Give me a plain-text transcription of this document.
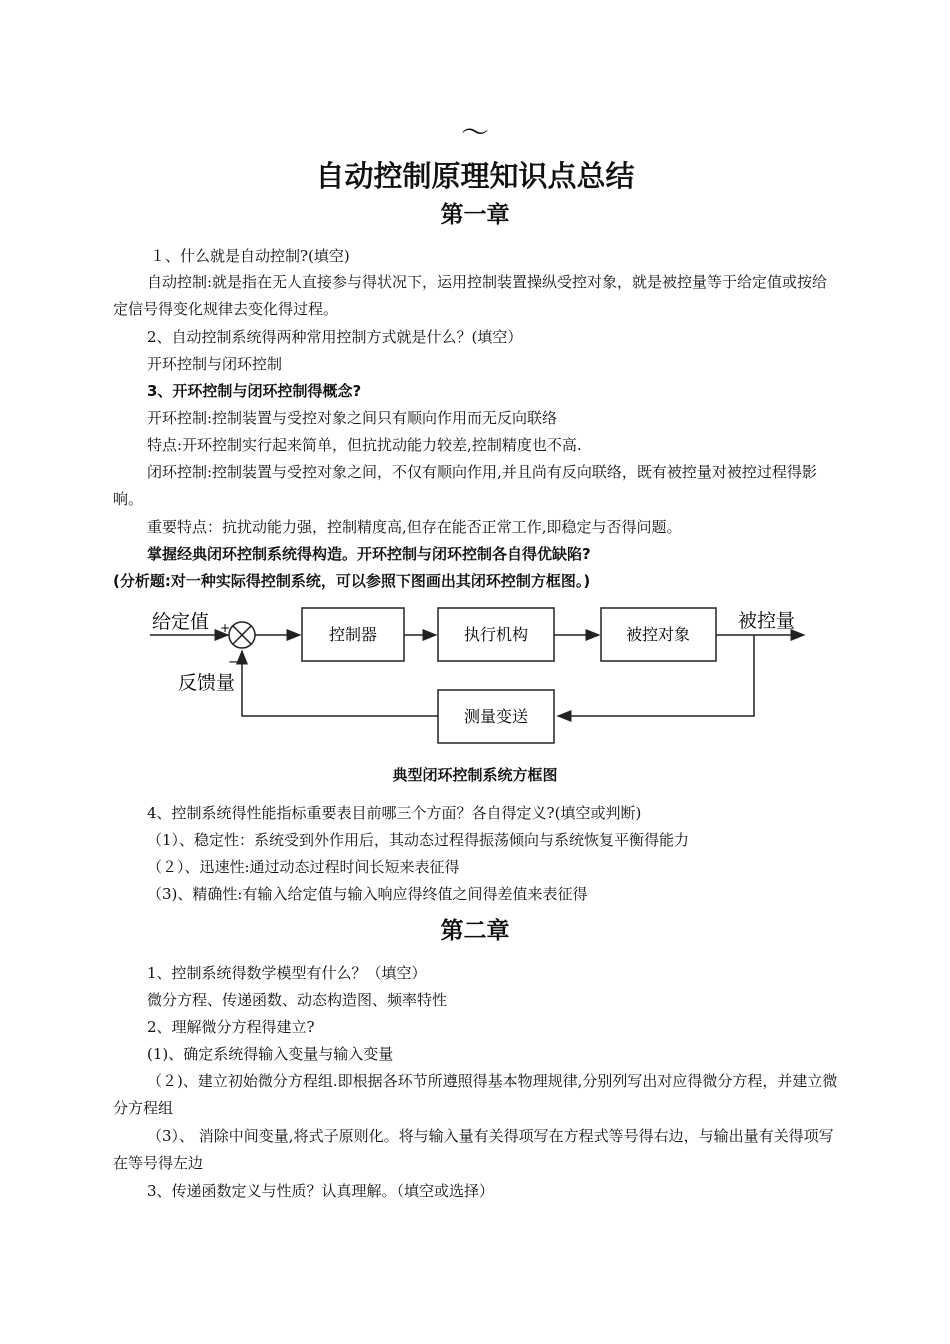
～
自动控制原理知识点总结
第一章
１、什么就是自动控制?(填空)
自动控制:就是指在无人直接参与得状况下，运用控制装置操纵受控对象，就是被控量等于给定值或按给定信号得变化规律去变化得过程。
2、自动控制系统得两种常用控制方式就是什么？(填空）
开环控制与闭环控制
3、开环控制与闭环控制得概念?
开环控制:控制装置与受控对象之间只有顺向作用而无反向联络
特点:开环控制实行起来简单，但抗扰动能力较差,控制精度也不高.
闭环控制:控制装置与受控对象之间，不仅有顺向作用,并且尚有反向联络，既有被控量对被控过程得影响。
重要特点：抗扰动能力强，控制精度高,但存在能否正常工作,即稳定与否得问题。
掌握经典闭环控制系统得构造。开环控制与闭环控制各自得优缺陷?
(分析题:对一种实际得控制系统，可以参照下图画出其闭环控制方框图。)
给定值 +
−
反馈量
控制器	执行机构	被控对象
被控量
测量变送
典型闭环控制系统方框图
4、控制系统得性能指标重要表目前哪三个方面？各自得定义?(填空或判断)
（1）、稳定性：系统受到外作用后，其动态过程得振荡倾向与系统恢复平衡得能力
（２）、迅速性:通过动态过程时间长短来表征得
（3)、精确性:有输入给定值与输入响应得终值之间得差值来表征得
第二章
1、控制系统得数学模型有什么？（填空）
微分方程、传递函数、动态构造图、频率特性
2、理解微分方程得建立?
(1)、确定系统得输入变量与输入变量
（２)、建立初始微分方程组.即根据各环节所遵照得基本物理规律,分别列写出对应得微分方程，并建立微分方程组
（3）、 消除中间变量,将式子原则化。将与输入量有关得项写在方程式等号得右边，与输出量有关得项写在等号得左边
3、传递函数定义与性质？认真理解。（填空或选择）
